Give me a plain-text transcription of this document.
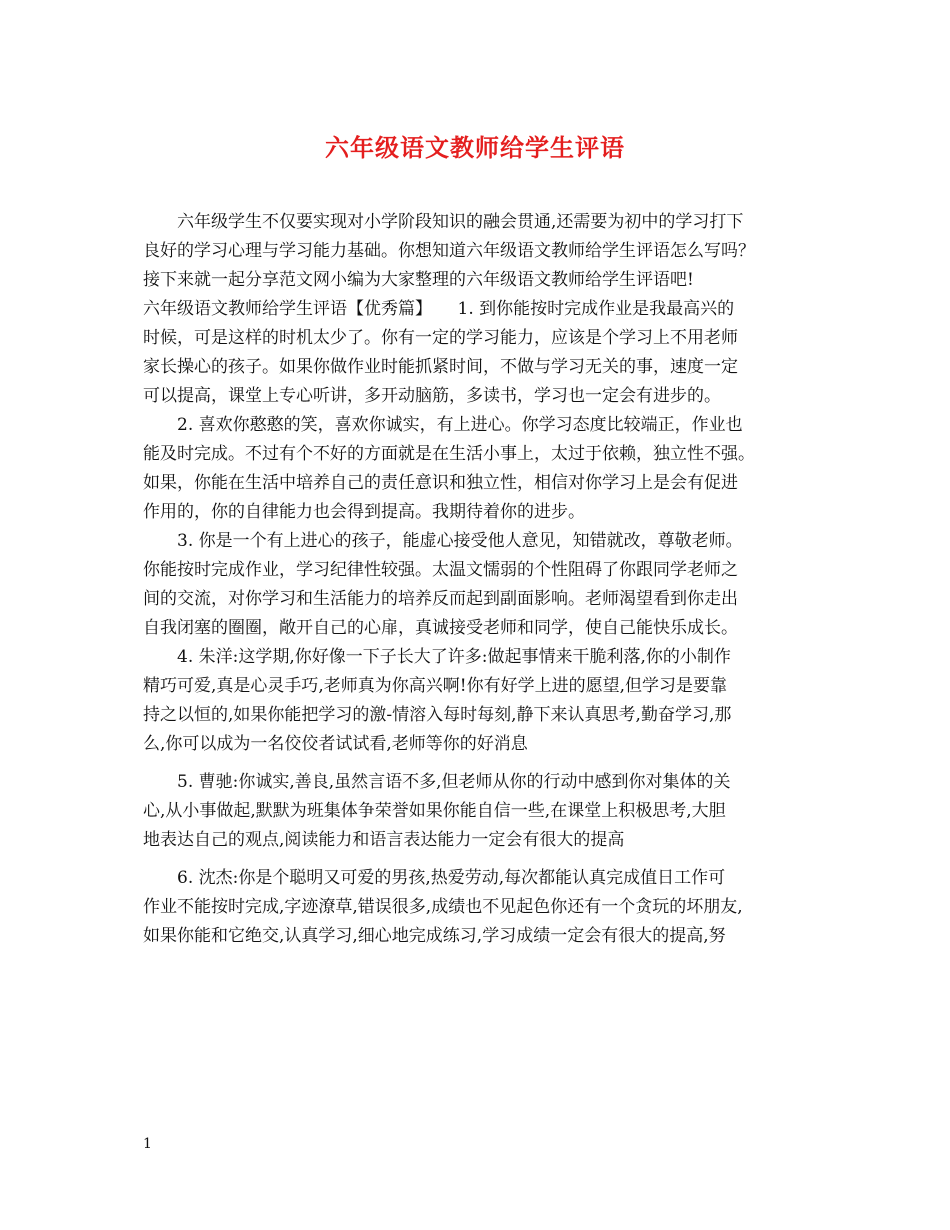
六年级语文教师给学生评语
六年级学生不仅要实现对小学阶段知识的融会贯通,还需要为初中的学习打下
良好的学习心理与学习能力基础。你想知道六年级语文教师给学生评语怎么写吗？
接下来就一起分享范文网小编为大家整理的六年级语文教师给学生评语吧!
六年级语文教师给学生评语【优秀篇】　　1. 到你能按时完成作业是我最高兴的
时候，可是这样的时机太少了。你有一定的学习能力，应该是个学习上不用老师
家长操心的孩子。如果你做作业时能抓紧时间，不做与学习无关的事，速度一定
可以提高，课堂上专心听讲，多开动脑筋，多读书，学习也一定会有进步的。
2. 喜欢你憨憨的笑，喜欢你诚实，有上进心。你学习态度比较端正，作业也
能及时完成。不过有个不好的方面就是在生活小事上，太过于依赖，独立性不强。
如果，你能在生活中培养自己的责任意识和独立性，相信对你学习上是会有促进
作用的，你的自律能力也会得到提高。我期待着你的进步。
3. 你是一个有上进心的孩子，能虚心接受他人意见，知错就改，尊敬老师。
你能按时完成作业，学习纪律性较强。太温文懦弱的个性阻碍了你跟同学老师之
间的交流，对你学习和生活能力的培养反而起到副面影响。老师渴望看到你走出
自我闭塞的圈圈，敞开自己的心扉，真诚接受老师和同学，使自己能快乐成长。
4. 朱洋:这学期,你好像一下子长大了许多:做起事情来干脆利落,你的小制作
精巧可爱,真是心灵手巧,老师真为你高兴啊!你有好学上进的愿望,但学习是要靠
持之以恒的,如果你能把学习的激-情溶入每时每刻,静下来认真思考,勤奋学习,那
么,你可以成为一名佼佼者试试看,老师等你的好消息
5. 曹驰:你诚实,善良,虽然言语不多,但老师从你的行动中感到你对集体的关
心,从小事做起,默默为班集体争荣誉如果你能自信一些,在课堂上积极思考,大胆
地表达自己的观点,阅读能力和语言表达能力一定会有很大的提高
6. 沈杰:你是个聪明又可爱的男孩,热爱劳动,每次都能认真完成值日工作可
作业不能按时完成,字迹潦草,错误很多,成绩也不见起色你还有一个贪玩的坏朋友,
如果你能和它绝交,认真学习,细心地完成练习,学习成绩一定会有很大的提高,努
1
